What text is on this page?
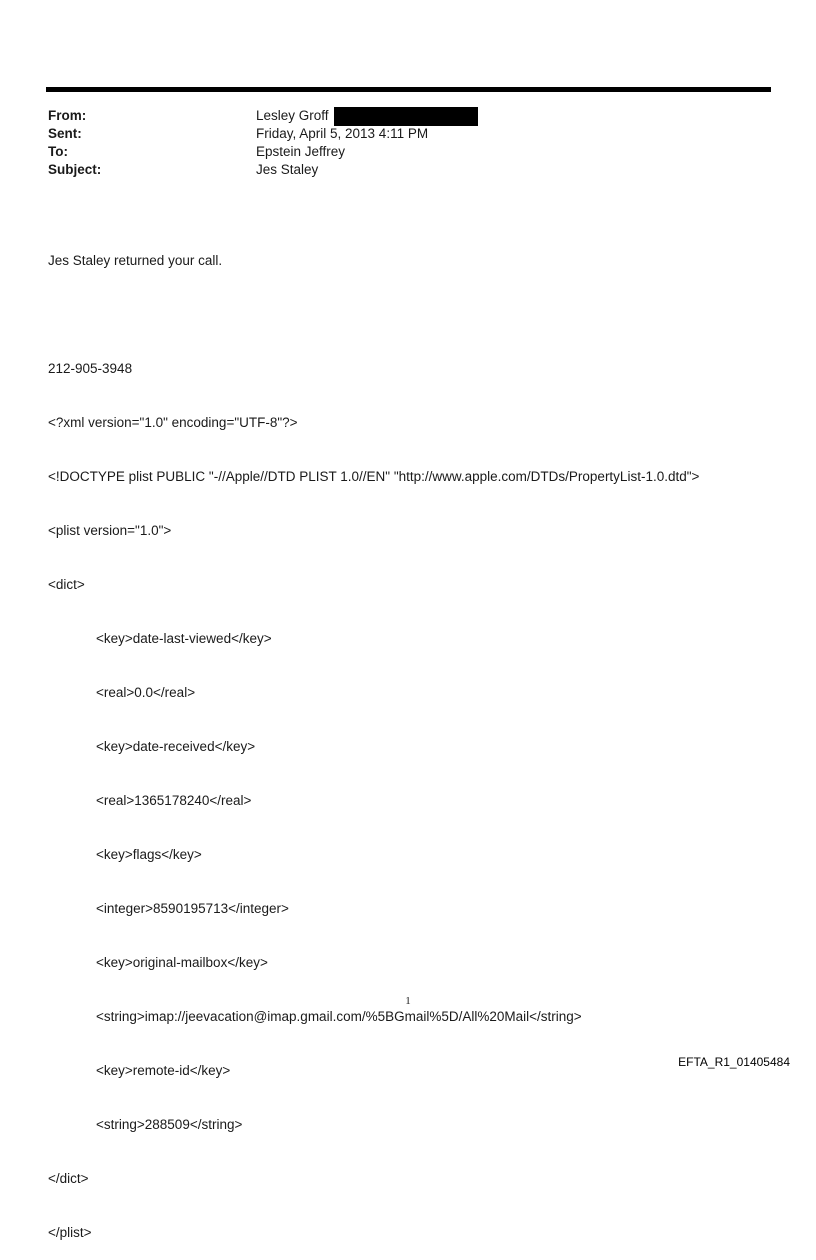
From:	Lesley Groff
Sent:	Friday, April 5, 2013 4:11 PM
To:	Epstein Jeffrey
Subject:	Jes Staley

Jes Staley returned your call.

212-905-3948

<?xml version="1.0" encoding="UTF-8"?>

<!DOCTYPE plist PUBLIC "-//Apple//DTD PLIST 1.0//EN" "http://www.apple.com/DTDs/PropertyList-1.0.dtd">

<plist version="1.0">

<dict>

<key>date-last-viewed</key>

<real>0.0</real>

<key>date-received</key>

<real>1365178240</real>

<key>flags</key>

<integer>8590195713</integer>

<key>original-mailbox</key>

<string>imap://jeevacation@imap.gmail.com/%5BGmail%5D/All%20Mail</string>

<key>remote-id</key>

<string>288509</string>

</dict>

</plist>

1
EFTA_R1_01405484
